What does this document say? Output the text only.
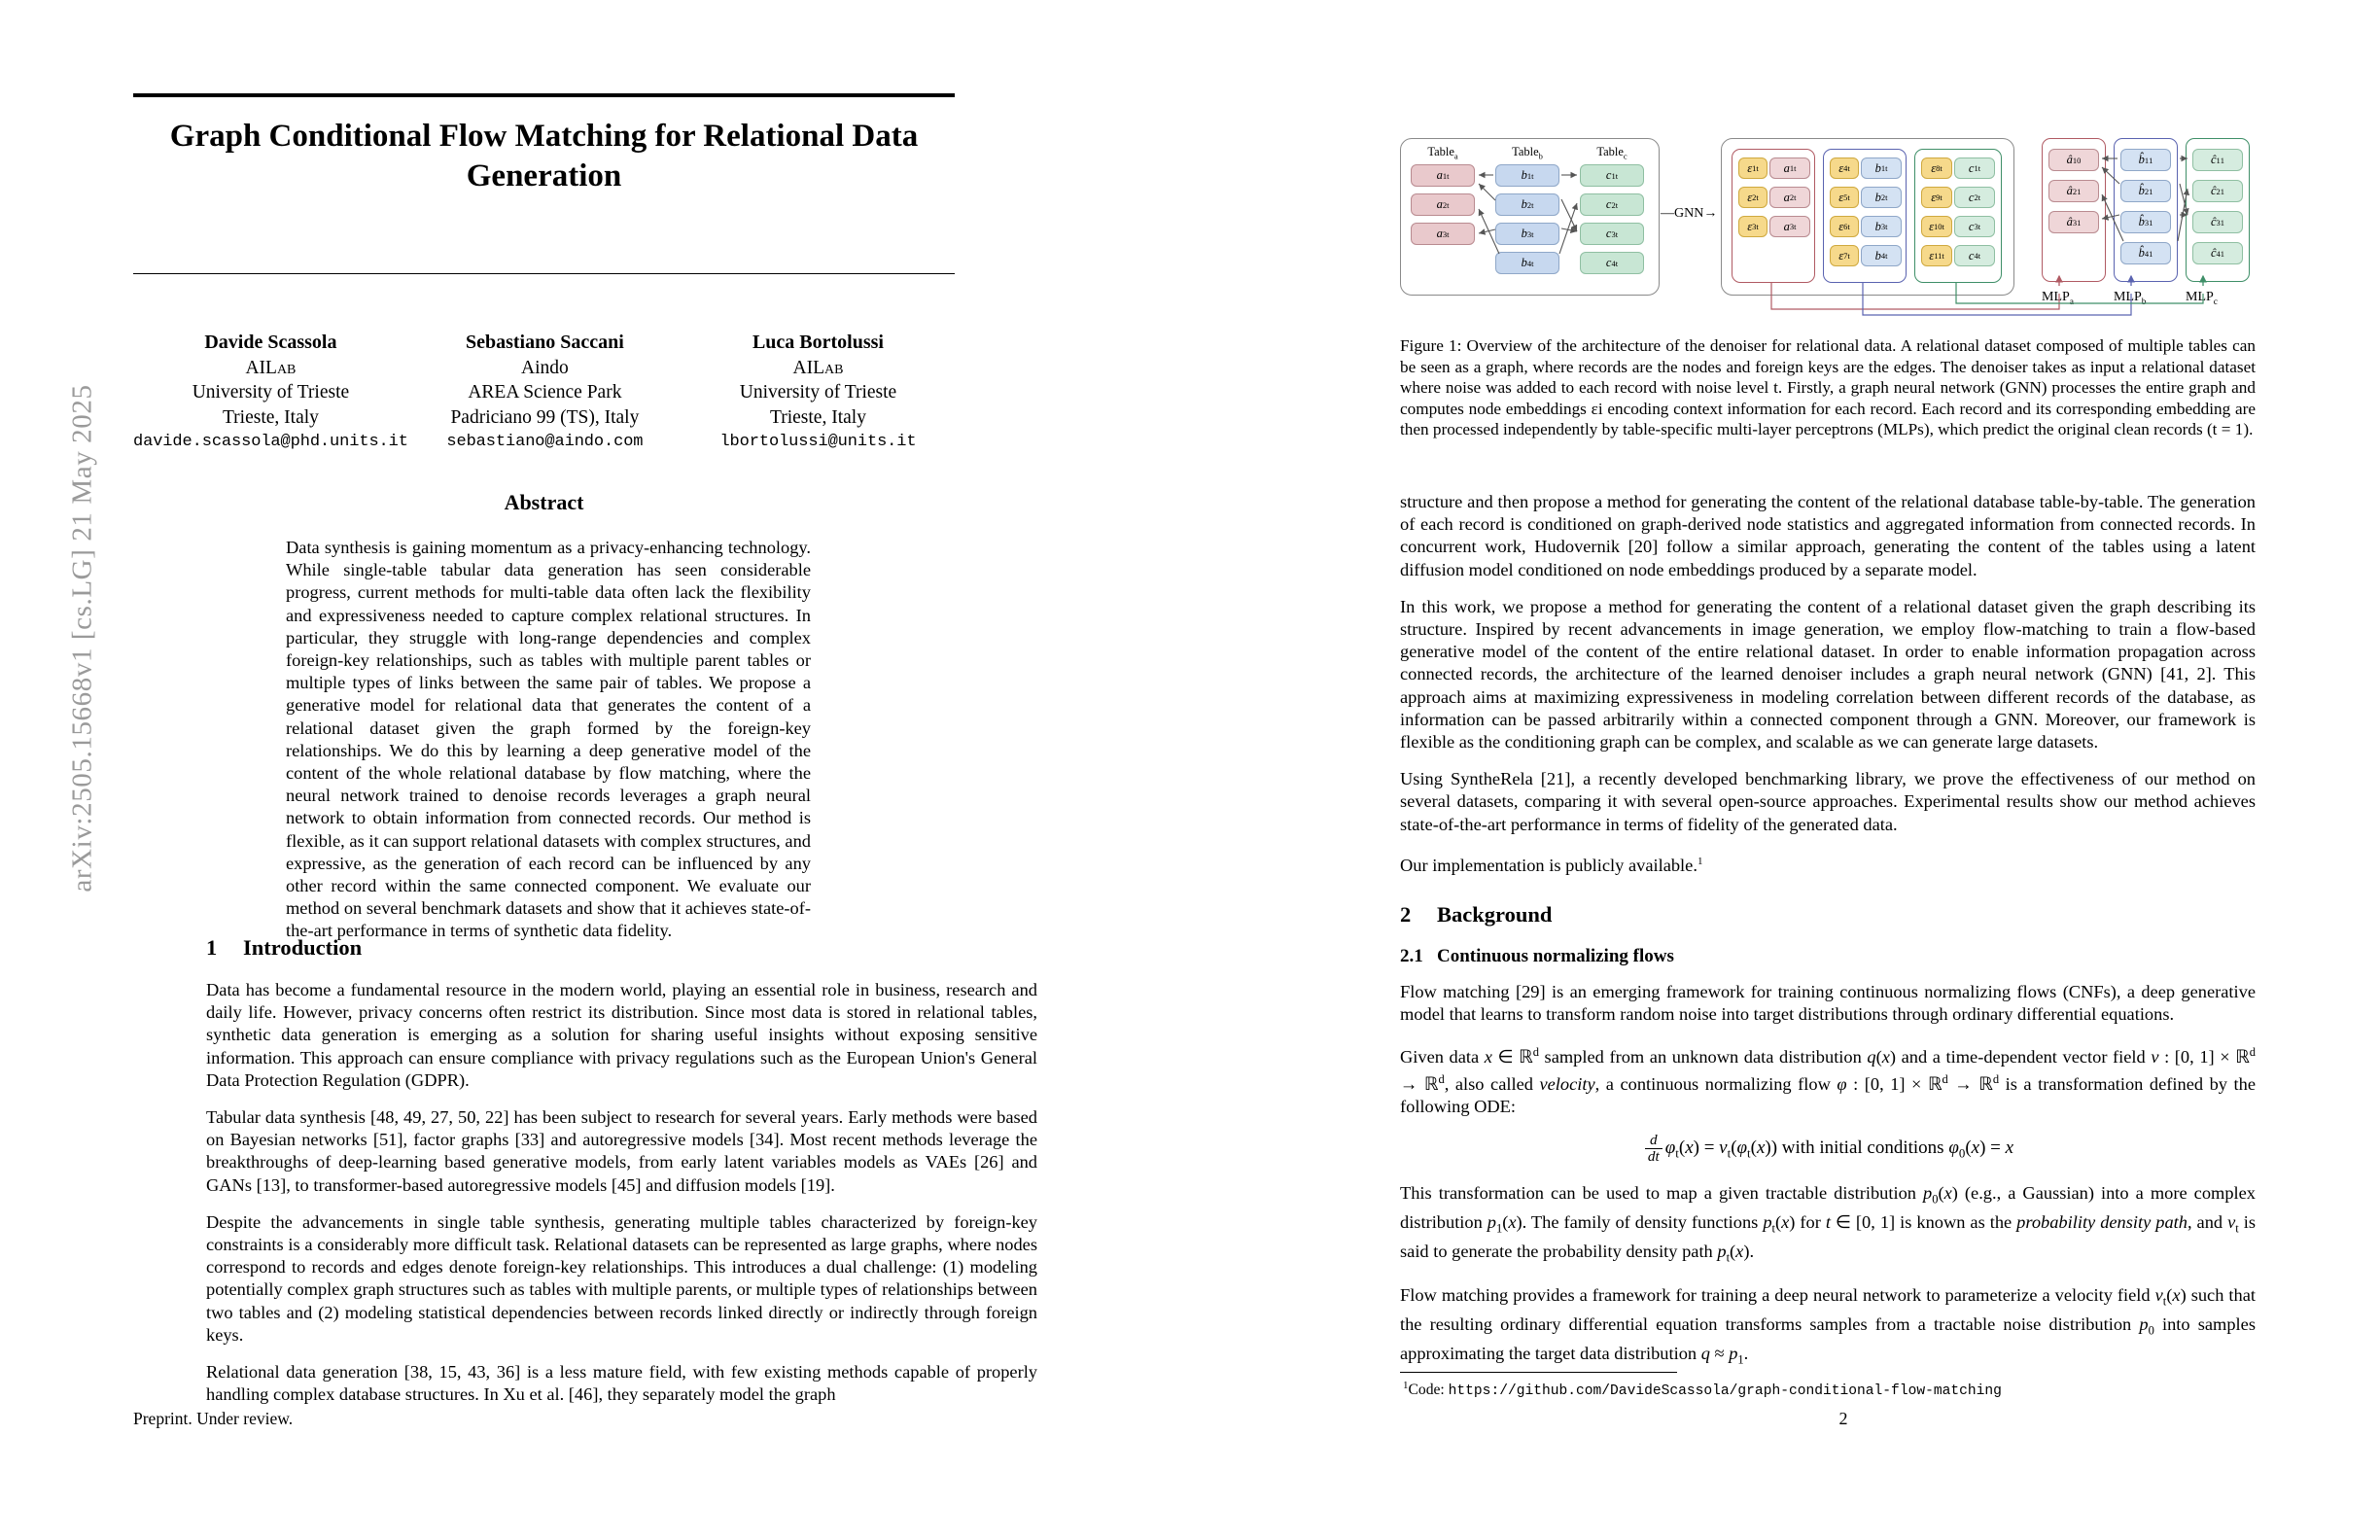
arXiv:2505.15668v1 [cs.LG] 21 May 2025
Graph Conditional Flow Matching for Relational Data Generation
Davide Scassola
AILab
University of Trieste
Trieste, Italy
davide.scassola@phd.units.it
Sebastiano Saccani
Aindo
AREA Science Park
Padriciano 99 (TS), Italy
sebastiano@aindo.com
Luca Bortolussi
AILab
University of Trieste
Trieste, Italy
lbortolussi@units.it
Abstract
Data synthesis is gaining momentum as a privacy-enhancing technology. While single-table tabular data generation has seen considerable progress, current methods for multi-table data often lack the flexibility and expressiveness needed to capture complex relational structures. In particular, they struggle with long-range dependencies and complex foreign-key relationships, such as tables with multiple parent tables or multiple types of links between the same pair of tables. We propose a generative model for relational data that generates the content of a relational dataset given the graph formed by the foreign-key relationships. We do this by learning a deep generative model of the content of the whole relational database by flow matching, where the neural network trained to denoise records leverages a graph neural network to obtain information from connected records. Our method is flexible, as it can support relational datasets with complex structures, and expressive, as the generation of each record can be influenced by any other record within the same connected component. We evaluate our method on several benchmark datasets and show that it achieves state-of-the-art performance in terms of synthetic data fidelity.
1 Introduction

Data has become a fundamental resource in the modern world, playing an essential role in business, research and daily life. However, privacy concerns often restrict its distribution. Since most data is stored in relational tables, synthetic data generation is emerging as a solution for sharing useful insights without exposing sensitive information. This approach can ensure compliance with privacy regulations such as the European Union's General Data Protection Regulation (GDPR).

Tabular data synthesis [48, 49, 27, 50, 22] has been subject to research for several years. Early methods were based on Bayesian networks [51], factor graphs [33] and autoregressive models [34]. Most recent methods leverage the breakthroughs of deep-learning based generative models, from early latent variables models as VAEs [26] and GANs [13], to transformer-based autoregressive models [45] and diffusion models [19].

Despite the advancements in single table synthesis, generating multiple tables characterized by foreign-key constraints is a considerably more difficult task. Relational datasets can be represented as large graphs, where nodes correspond to records and edges denote foreign-key relationships. This introduces a dual challenge: (1) modeling potentially complex graph structures such as tables with multiple parents, or multiple types of relationships between two tables and (2) modeling statistical dependencies between records linked directly or indirectly through foreign keys.

Relational data generation [38, 15, 43, 36] is a less mature field, with few existing methods capable of properly handling complex database structures. In Xu et al. [46], they separately model the graph

Preprint. Under review.
Table$_a$	Table$_b$	Table$_c$
a 1 t
a 2 t
a 3 t
b 1 t
b 2 t
b 3 t
b 4 t
c 1 t
c 2 t
c 3 t
c 4 t
—GNN→
ε 1 t a 1 t
ε 2 t a 2 t
ε 3 t a 3 t
ε 4 t b 1 t
ε 5 t b 2 t
ε 6 t b 3 t
ε 7 t b 4 t
ε 8 t c 1 t
ε 9 t c 2 t
ε 10 t c 3 t
ε 11 t c 4 t
â 1 0
â 2 1
â 3 1
b̂ 1 1
b̂ 2 1
b̂ 3 1
b̂ 4 1
ĉ 1 1
ĉ 2 1
ĉ 3 1
ĉ 4 1
$MLP_a$	$MLP_b$	$MLP_c$
Figure 1: Overview of the architecture of the denoiser for relational data. A relational dataset composed of multiple tables can be seen as a graph, where records are the nodes and foreign keys are the edges. The denoiser takes as input a relational dataset where noise was added to each record with noise level t. Firstly, a graph neural network (GNN) processes the entire graph and computes node embeddings εi encoding context information for each record. Each record and its corresponding embedding are then processed independently by table-specific multi-layer perceptrons (MLPs), which predict the original clean records (t = 1).

structure and then propose a method for generating the content of the relational database table-by-table. The generation of each record is conditioned on graph-derived node statistics and aggregated information from connected records. In concurrent work, Hudovernik [20] follow a similar approach, generating the content of the tables using a latent diffusion model conditioned on node embeddings produced by a separate model.

In this work, we propose a method for generating the content of a relational dataset given the graph describing its structure. Inspired by recent advancements in image generation, we employ flow-matching to train a flow-based generative model of the content of the entire relational dataset. In order to enable information propagation across connected records, the architecture of the learned denoiser includes a graph neural network (GNN) [41, 2]. This approach aims at maximizing expressiveness in modeling correlation between different records of the database, as information can be passed arbitrarily within a connected component through a GNN. Moreover, our framework is flexible as the conditioning graph can be complex, and scalable as we can generate large datasets.

Using SyntheRela [21], a recently developed benchmarking library, we prove the effectiveness of our method on several datasets, comparing it with several open-source approaches. Experimental results show our method achieves state-of-the-art performance in terms of fidelity of the generated data.

Our implementation is publicly available.$^1$

2 Background
2.1 Continuous normalizing flows

Flow matching [29] is an emerging framework for training continuous normalizing flows (CNFs), a deep generative model that learns to transform random noise into target distributions through ordinary differential equations.

Given data x ∈ ℝ$^d$ sampled from an unknown data distribution q(x) and a time-dependent vector field v : [0, 1] × ℝ$^d$ → ℝ$^d$, also called velocity, a continuous normalizing flow φ : [0, 1] × ℝ$^d$ → ℝ$^d$ is a transformation defined by the following ODE:

$\frac{d}{dt} \varphi_t(x) = v_t(\varphi_t(x))$ with initial conditions $\varphi_0(x) = x$

This transformation can be used to map a given tractable distribution $p_0(x)$ (e.g., a Gaussian) into a more complex distribution $p_1(x)$. The family of density functions $p_t(x)$ for t ∈ [0, 1] is known as the probability density path, and $v_t$ is said to generate the probability density path $p_t(x)$.

Flow matching provides a framework for training a deep neural network to parameterize a velocity field $v_t(x)$ such that the resulting ordinary differential equation transforms samples from a tractable noise distribution $p_0$ into samples approximating the target data distribution $q \approx p_1$.

$^1$Code: https://github.com/DavideScassola/graph-conditional-flow-matching
2
